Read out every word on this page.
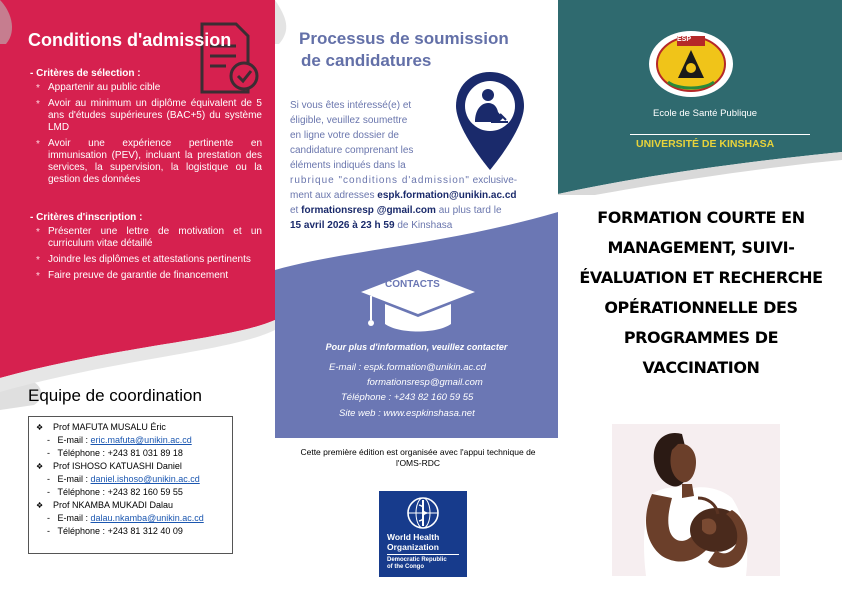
Conditions d'admission
- Critères de sélection :
* Appartenir au public cible
* Avoir au minimum un diplôme équivalent de 5 ans d'études supérieures (BAC+5) du système LMD
* Avoir une expérience pertinente en immunisation (PEV), incluant la prestation des services, la supervision, la logistique ou la gestion des données
- Critères d'inscription :
* Présenter une lettre de motivation et un curriculum vitae détaillé
* Joindre les diplômes et attestations pertinents
* Faire preuve de garantie de financement
Equipe de coordination
❖ Prof MAFUTA MUSALU Éric
-   E-mail : eric.mafuta@unikin.ac.cd
-   Téléphone : +243 81 031 89 18
❖ Prof ISHOSO KATUASHI Daniel
-   E-mail : daniel.ishoso@unikin.ac.cd
-   Téléphone : +243 82 160 59 55
❖ Prof NKAMBA MUKADI Dalau
-   E-mail : dalau.nkamba@unikin.ac.cd
-   Téléphone : +243 81 312 40 09
Processus de soumission
de candidatures
Si vous êtes intéressé(e) et
éligible, veuillez soumettre
en ligne votre dossier de
candidature comprenant les
éléments indiqués dans la
rubrique "conditions d'admission" exclusive-
ment aux adresses espk.formation@unikin.ac.cd
et formationsresp @gmail.com au plus tard le
15 avril 2026 à 23 h 59 de Kinshasa
CONTACTS
Pour plus d'information, veuillez contacter
E-mail : espk.formation@unikin.ac.cd
formationsresp@gmail.com
Téléphone : +243 82 160 59 55
Site web : www.espkinshasa.net
Cette première édition est organisée avec l'appui technique de l'OMS-RDC
World Health
Organization
Democratic Republic
of the Congo
ESP
Ecole de Santé Publique
UNIVERSITÉ DE KINSHASA
FORMATION COURTE EN
MANAGEMENT, SUIVI-
ÉVALUATION ET RECHERCHE
OPÉRATIONNELLE DES
PROGRAMMES DE
VACCINATION
